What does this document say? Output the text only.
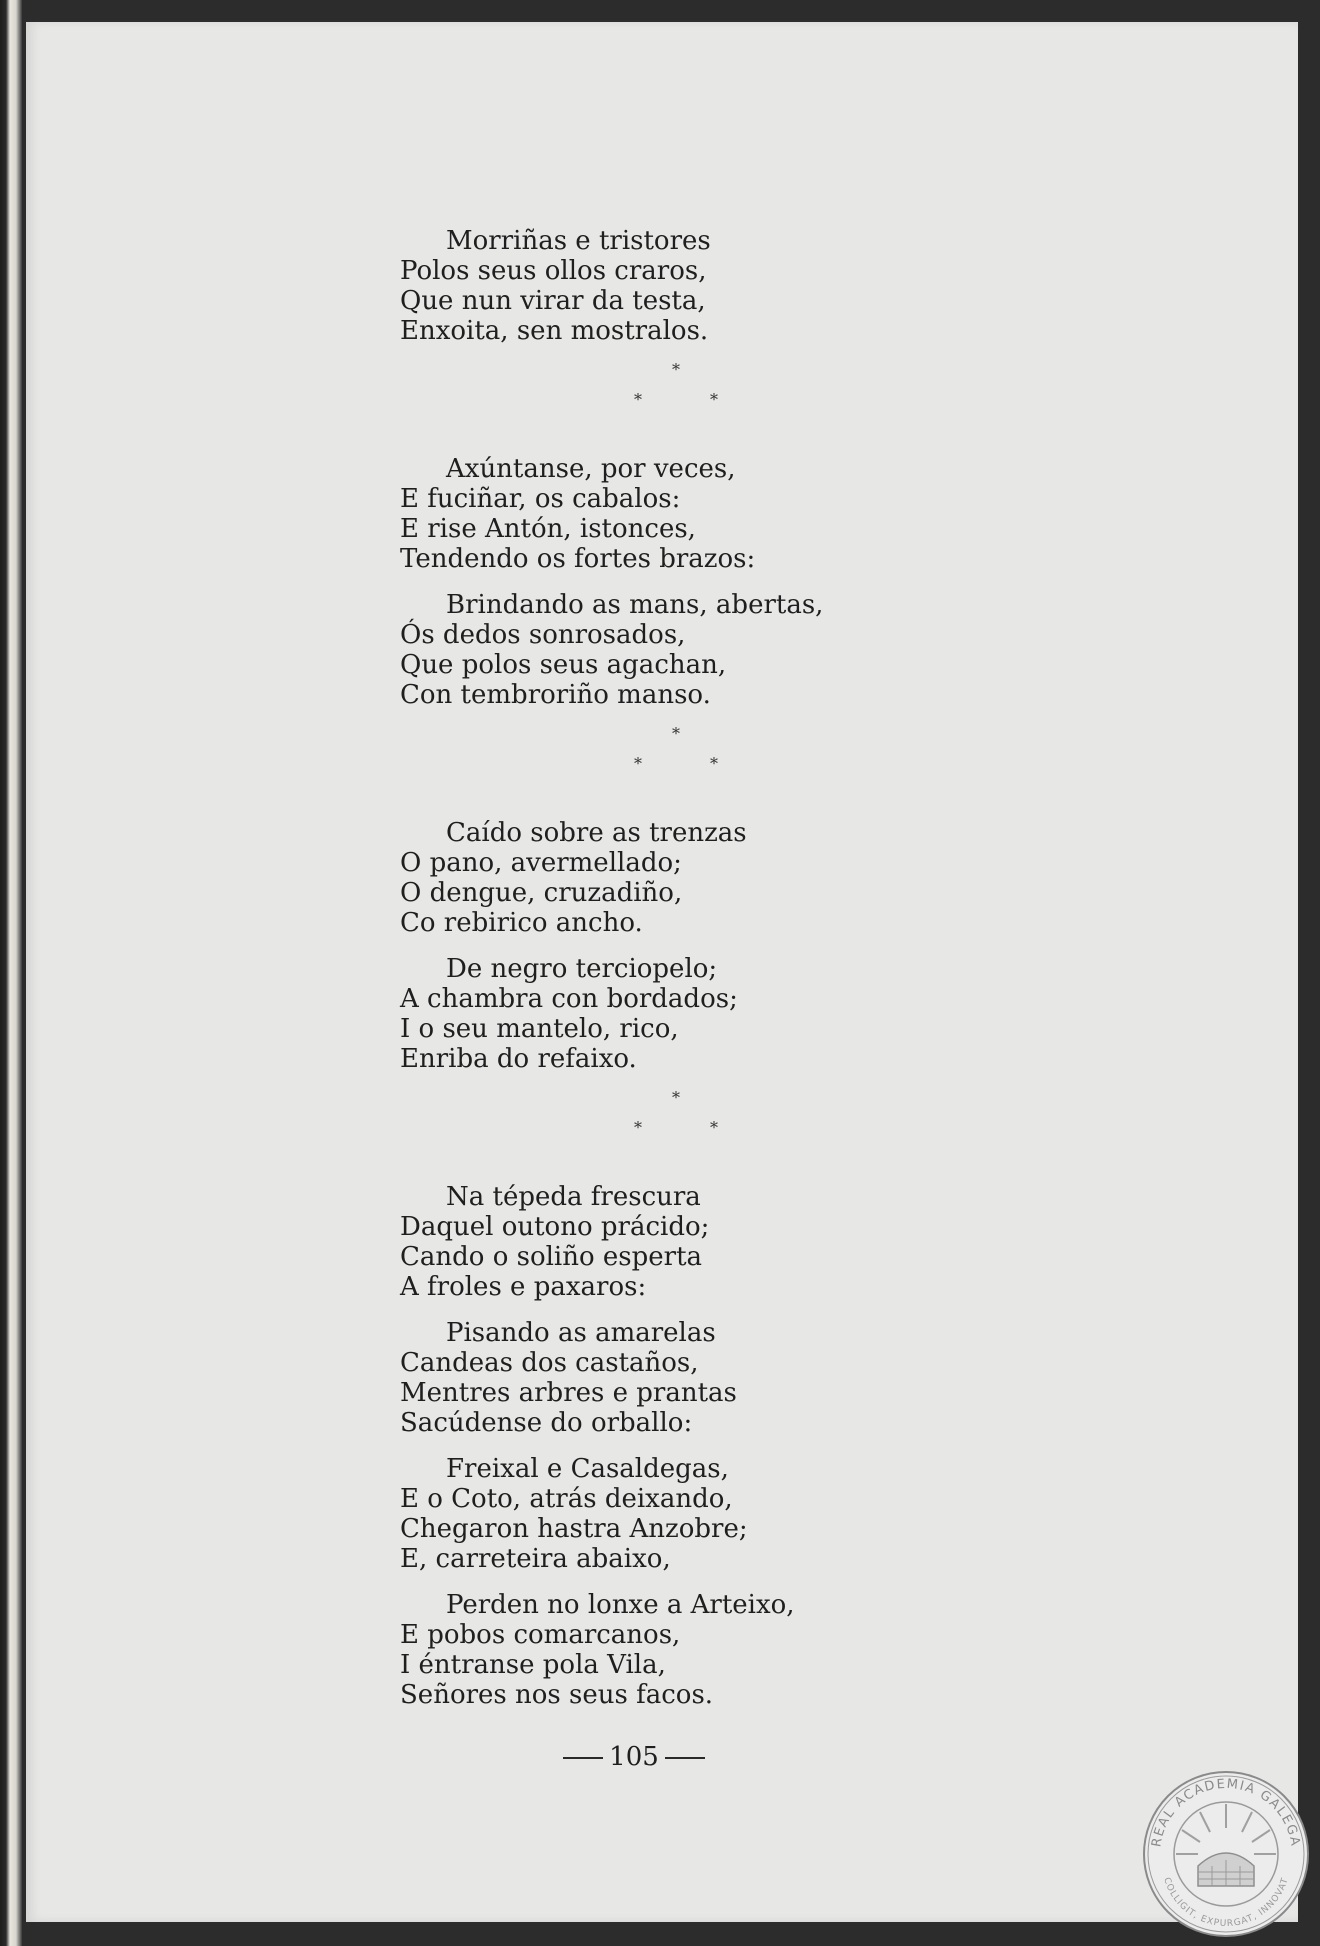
Morriñas e tristores
Polos seus ollos craros,
Que nun virar da testa,
Enxoita, sen mostralos.
*
*	*
Axúntanse, por veces,
E fuciñar, os cabalos:
E rise Antón, istonces,
Tendendo os fortes brazos:
Brindando as mans, abertas,
Ós dedos sonrosados,
Que polos seus agachan,
Con tembroriño manso.
*
*	*
Caído sobre as trenzas
O pano, avermellado;
O dengue, cruzadiño,
Co rebirico ancho.
De negro terciopelo;
A chambra con bordados;
I o seu mantelo, rico,
Enriba do refaixo.
*
*	*
Na tépeda frescura
Daquel outono prácido;
Cando o soliño esperta
A froles e paxaros:
Pisando as amarelas
Candeas dos castaños,
Mentres arbres e prantas
Sacúdense do orballo:
Freixal e Casaldegas,
E o Coto, atrás deixando,
Chegaron hastra Anzobre;
E, carreteira abaixo,
Perden no lonxe a Arteixo,
E pobos comarcanos,
I éntranse pola Vila,
Señores nos seus facos.
105
REAL ACADEMIA GALEGA
COLLIGIT, EXPURGAT, INNOVAT
